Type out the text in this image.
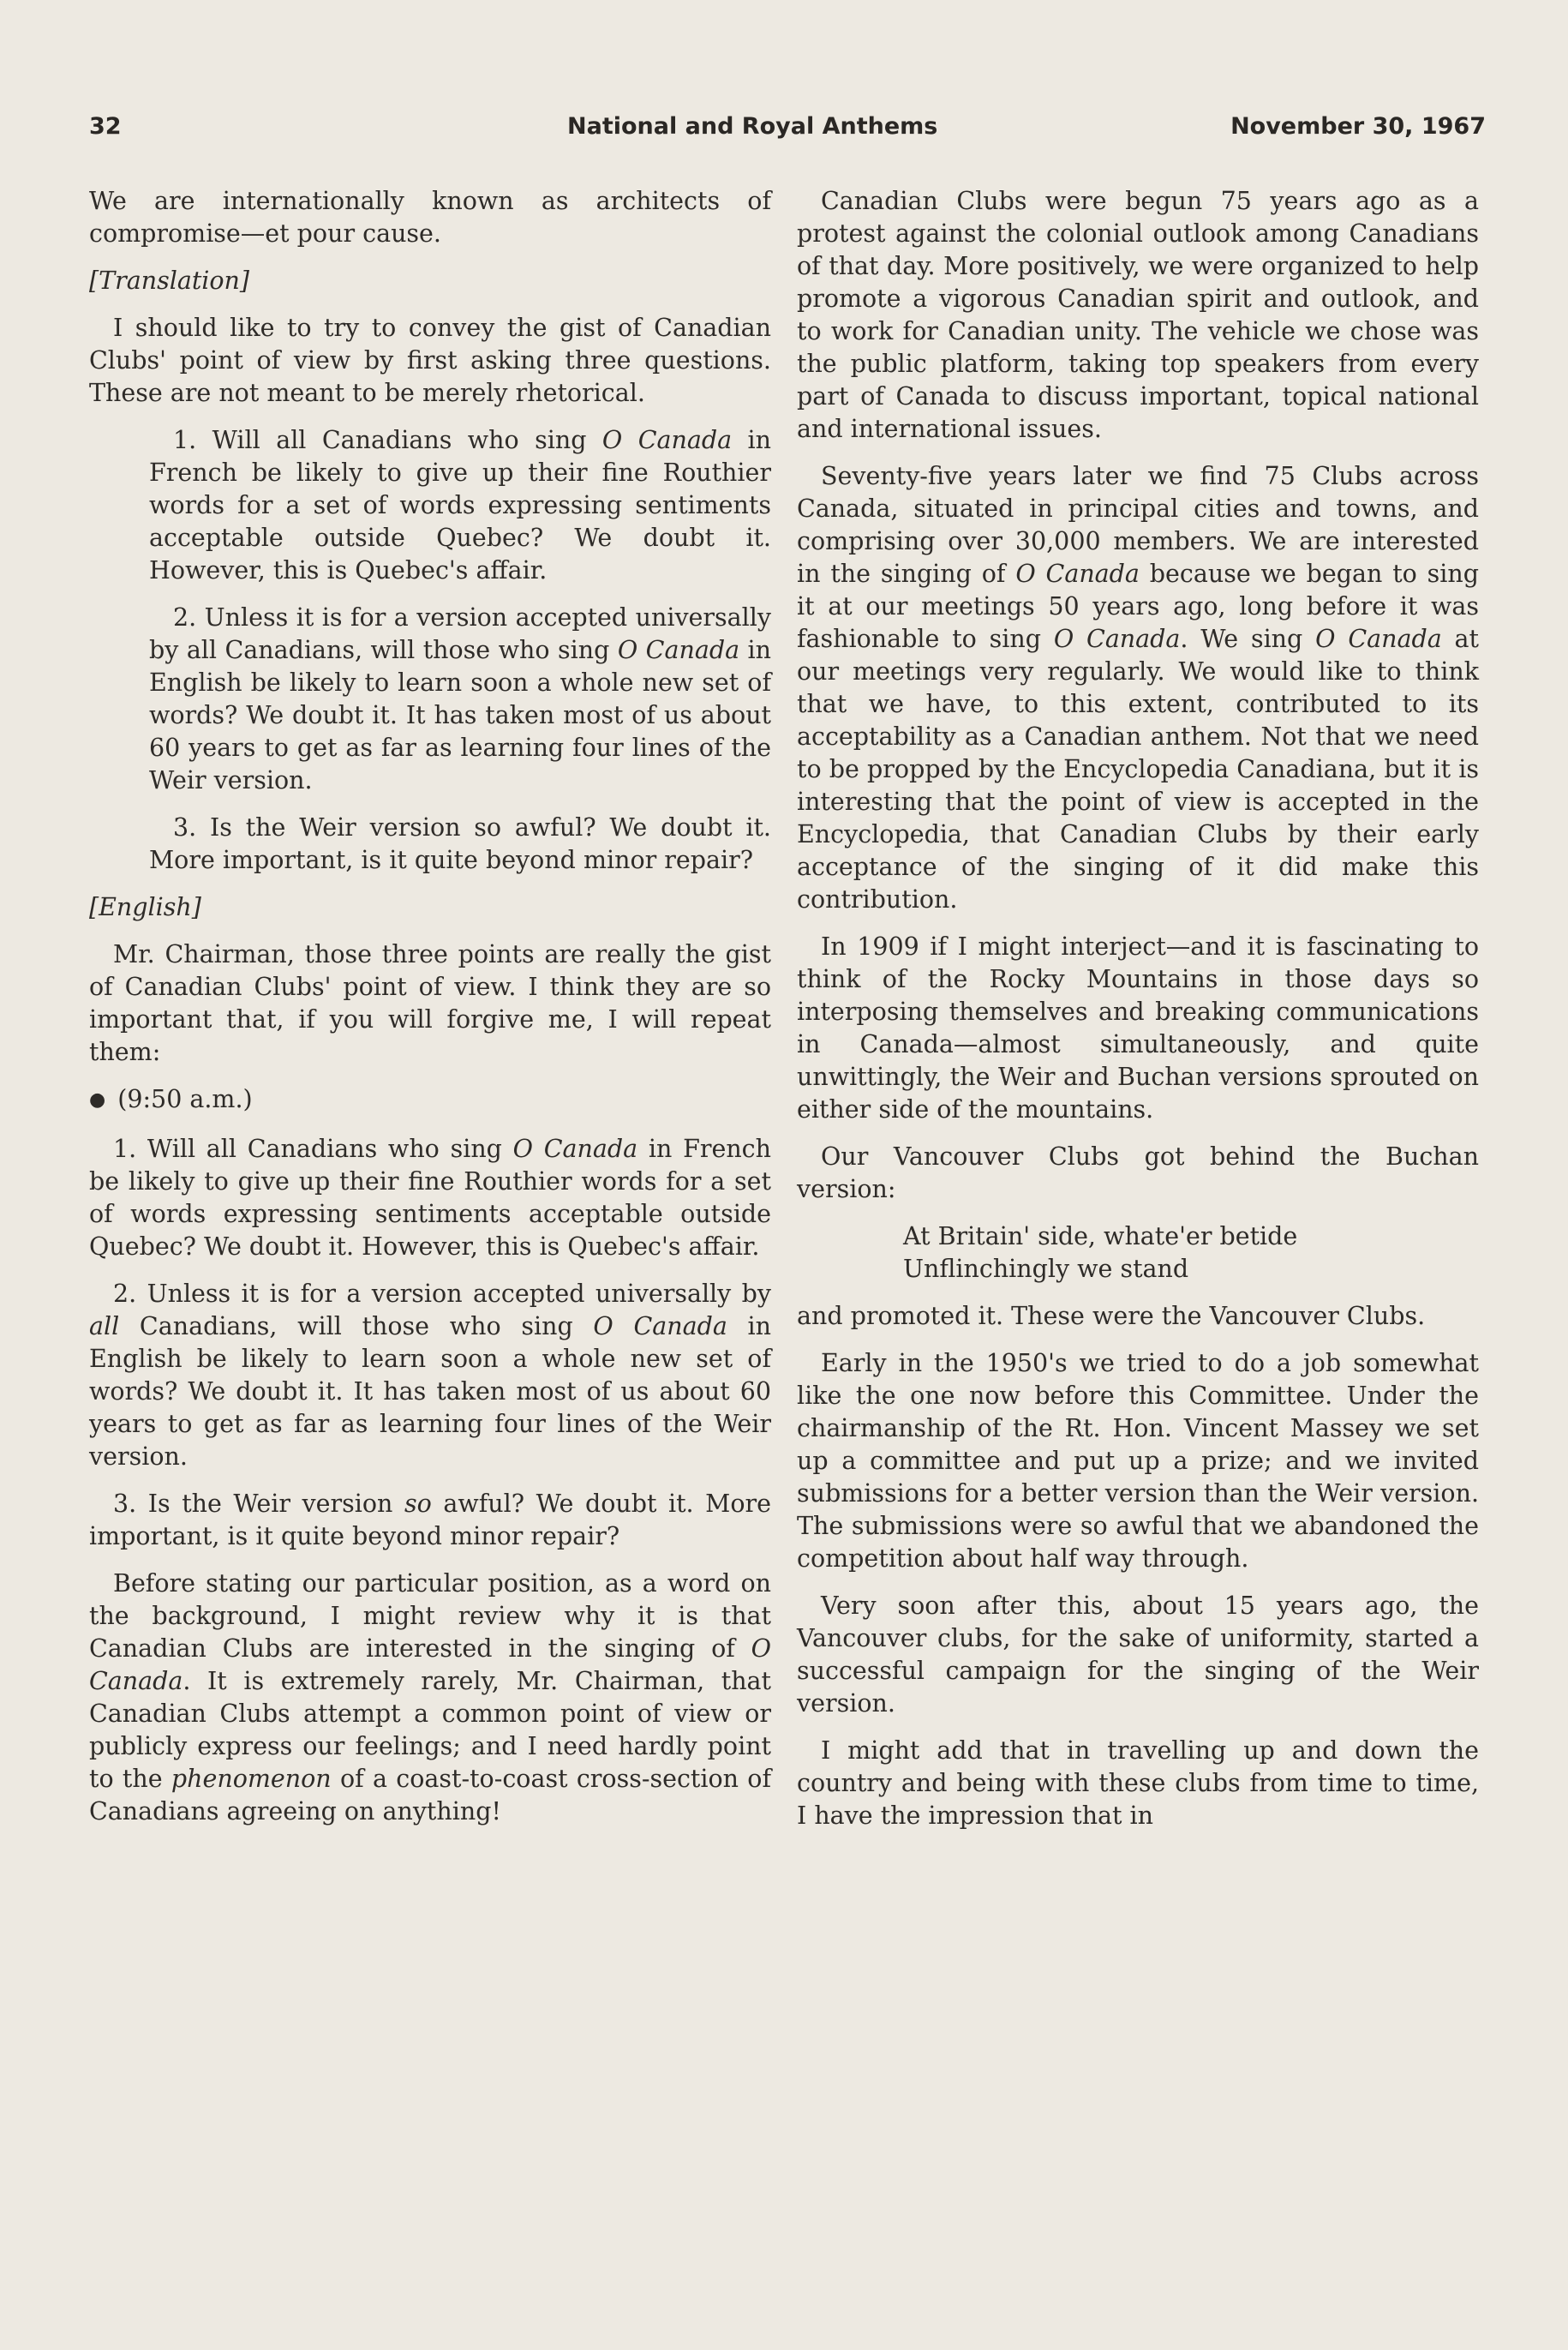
32	National and Royal Anthems	November 30, 1967

We are internationally known as architects of compromise—et pour cause.

[Translation]

I should like to try to convey the gist of Canadian Clubs' point of view by first asking three questions. These are not meant to be merely rhetorical.

1. Will all Canadians who sing O Canada in French be likely to give up their fine Routhier words for a set of words expressing sentiments acceptable outside Quebec? We doubt it. However, this is Quebec's affair.

2. Unless it is for a version accepted universally by all Canadians, will those who sing O Canada in English be likely to learn soon a whole new set of words? We doubt it. It has taken most of us about 60 years to get as far as learning four lines of the Weir version.

3. Is the Weir version so awful? We doubt it. More important, is it quite beyond minor repair?

[English]

Mr. Chairman, those three points are really the gist of Canadian Clubs' point of view. I think they are so important that, if you will forgive me, I will repeat them:

● (9:50 a.m.)

1. Will all Canadians who sing O Canada in French be likely to give up their fine Routhier words for a set of words expressing sentiments acceptable outside Quebec? We doubt it. However, this is Quebec's affair.

2. Unless it is for a version accepted universally by all Canadians, will those who sing O Canada in English be likely to learn soon a whole new set of words? We doubt it. It has taken most of us about 60 years to get as far as learning four lines of the Weir version.

3. Is the Weir version so awful? We doubt it. More important, is it quite beyond minor repair?

Before stating our particular position, as a word on the background, I might review why it is that Canadian Clubs are interested in the singing of O Canada. It is extremely rarely, Mr. Chairman, that Canadian Clubs attempt a common point of view or publicly express our feelings; and I need hardly point to the phenomenon of a coast-to-coast cross-section of Canadians agreeing on anything!

Canadian Clubs were begun 75 years ago as a protest against the colonial outlook among Canadians of that day. More positively, we were organized to help promote a vigorous Canadian spirit and outlook, and to work for Canadian unity. The vehicle we chose was the public platform, taking top speakers from every part of Canada to discuss important, topical national and international issues.

Seventy-five years later we find 75 Clubs across Canada, situated in principal cities and towns, and comprising over 30,000 members. We are interested in the singing of O Canada because we began to sing it at our meetings 50 years ago, long before it was fashionable to sing O Canada. We sing O Canada at our meetings very regularly. We would like to think that we have, to this extent, contributed to its acceptability as a Canadian anthem. Not that we need to be propped by the Encyclopedia Canadiana, but it is interesting that the point of view is accepted in the Encyclopedia, that Canadian Clubs by their early acceptance of the singing of it did make this contribution.

In 1909 if I might interject—and it is fascinating to think of the Rocky Mountains in those days so interposing themselves and breaking communications in Canada—almost simultaneously, and quite unwittingly, the Weir and Buchan versions sprouted on either side of the mountains.

Our Vancouver Clubs got behind the Buchan version:

At Britain' side, whate'er betide
Unflinchingly we stand

and promoted it. These were the Vancouver Clubs.

Early in the 1950's we tried to do a job somewhat like the one now before this Committee. Under the chairmanship of the Rt. Hon. Vincent Massey we set up a committee and put up a prize; and we invited submissions for a better version than the Weir version. The submissions were so awful that we abandoned the competition about half way through.

Very soon after this, about 15 years ago, the Vancouver clubs, for the sake of uniformity, started a successful campaign for the singing of the Weir version.

I might add that in travelling up and down the country and being with these clubs from time to time, I have the impression that in
